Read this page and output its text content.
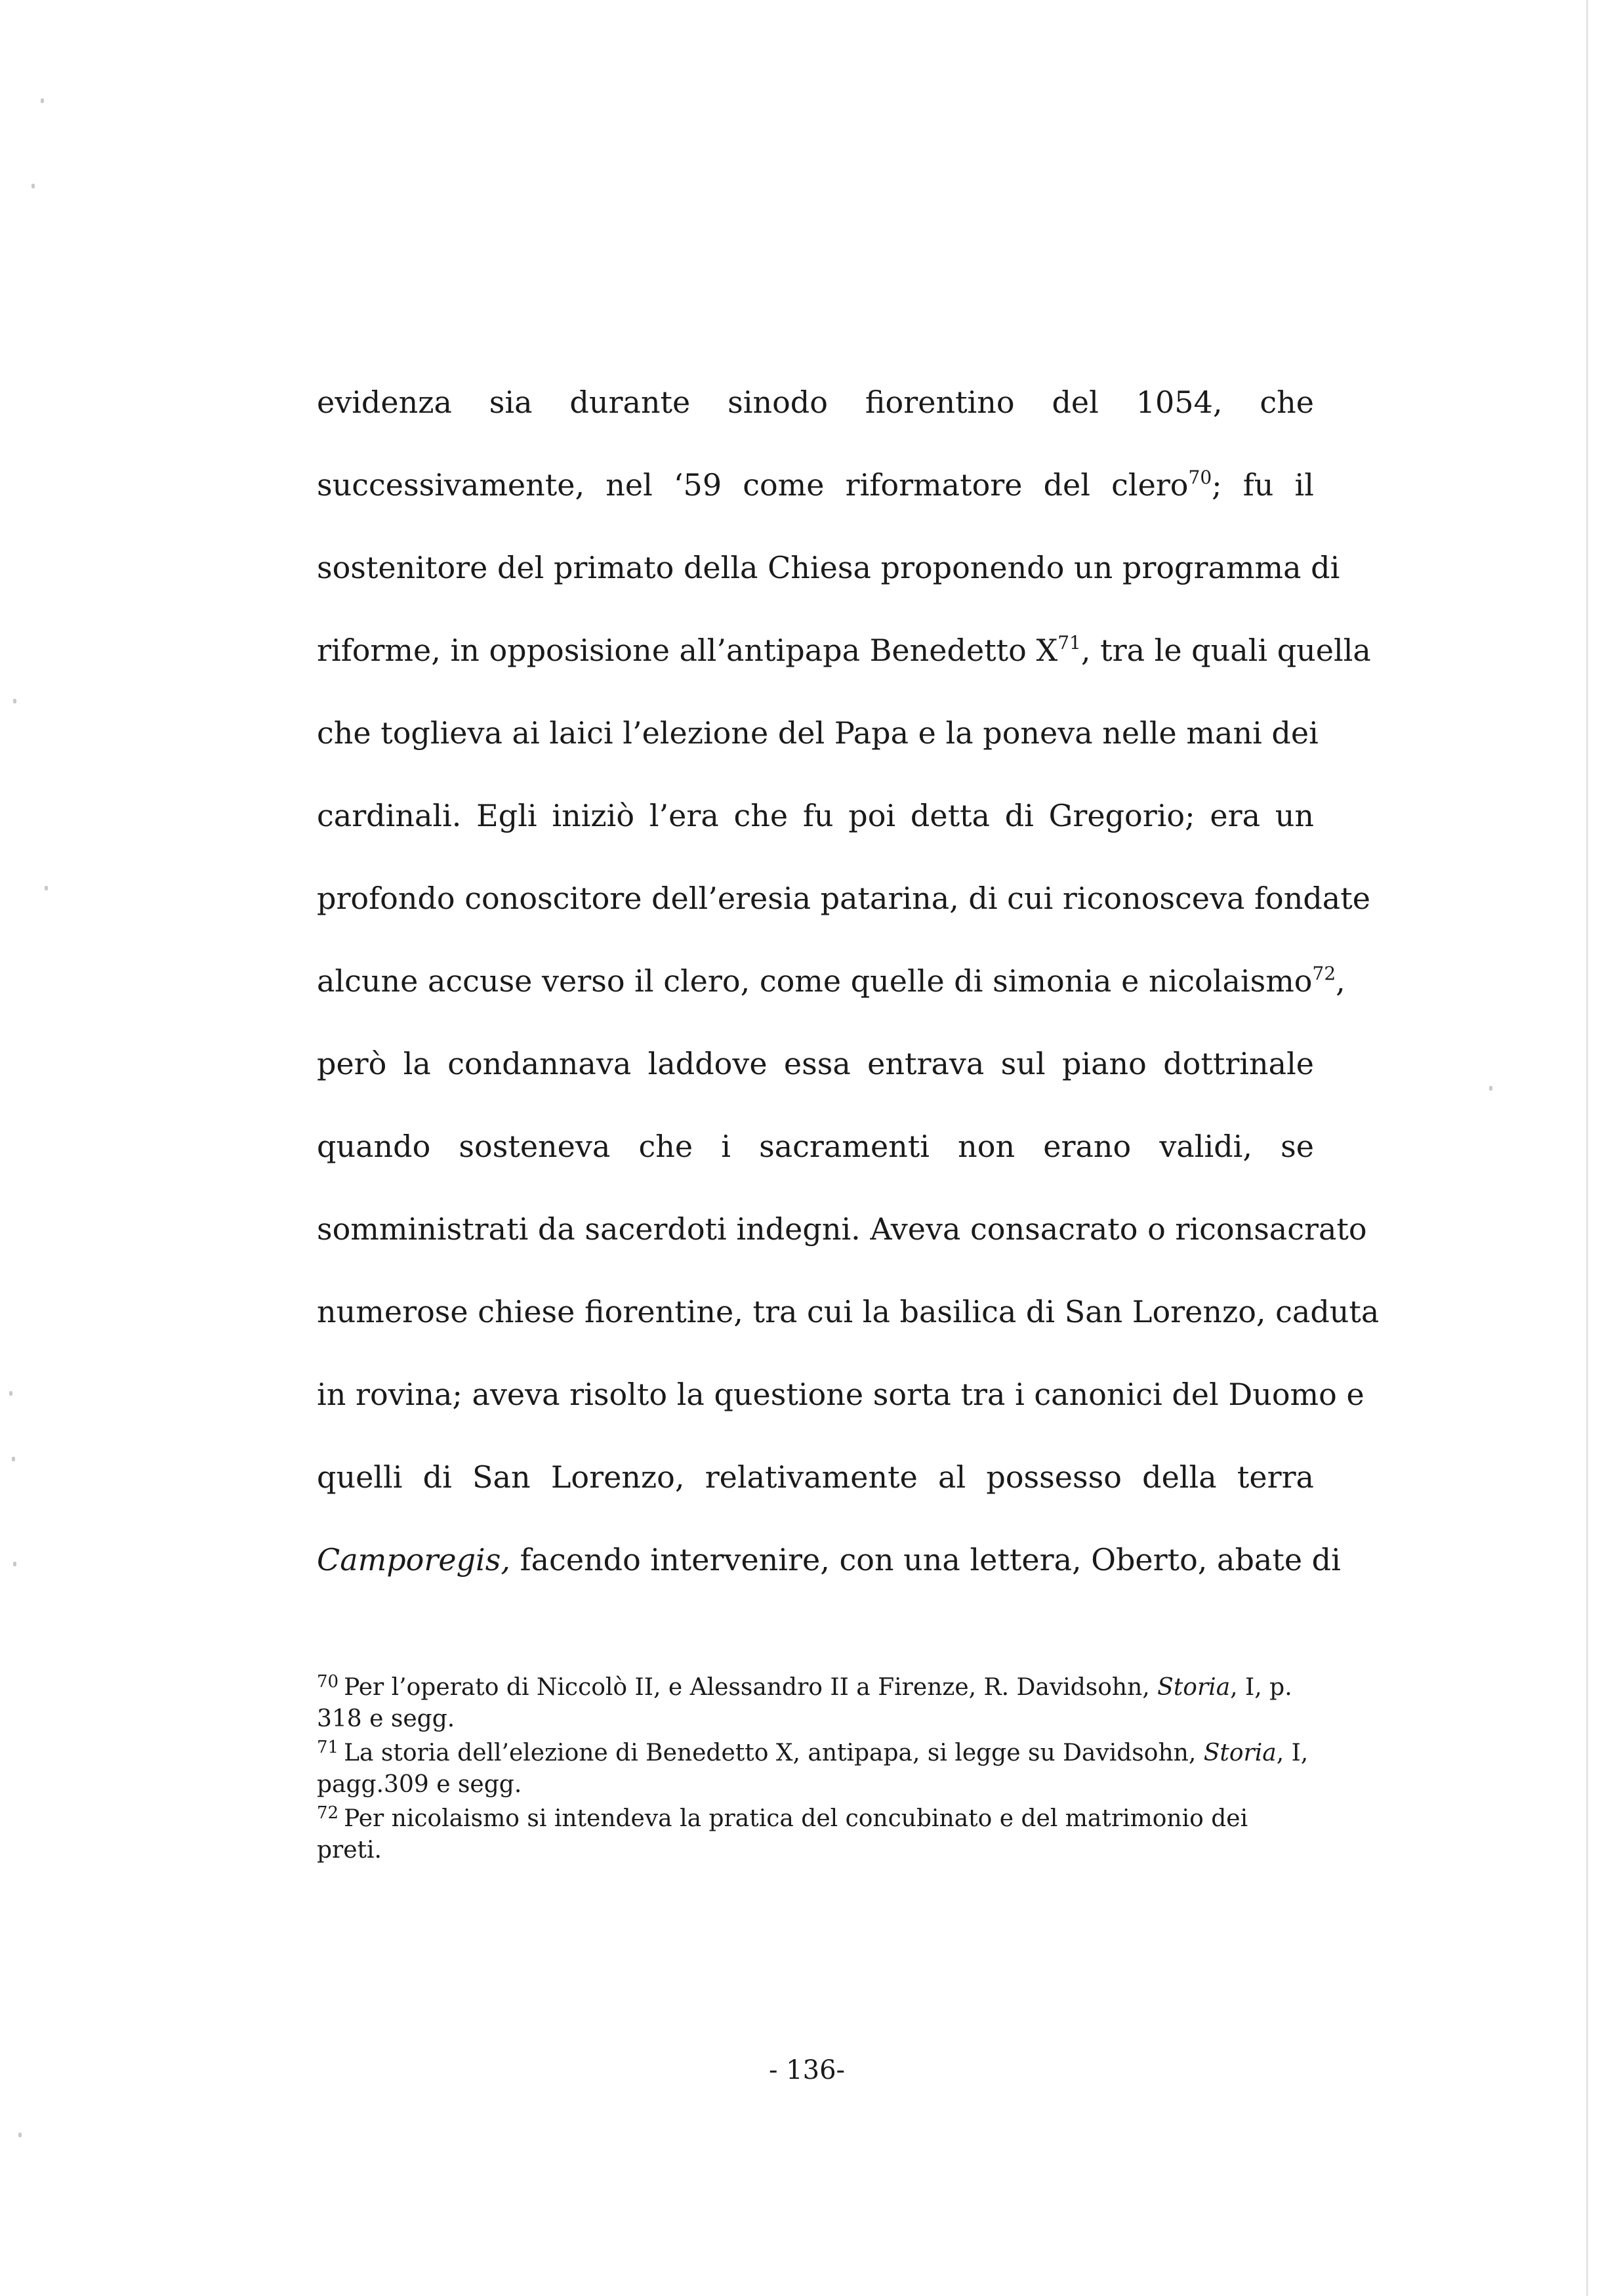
evidenza sia durante sinodo fiorentino del 1054, che
successivamente, nel ‘59 come riformatore del clero$^{70}$; fu il
sostenitore del primato della Chiesa proponendo un programma di
riforme, in opposisione all’antipapa Benedetto $X^{71}$, tra le quali quella
che toglieva ai laici l’elezione del Papa e la poneva nelle mani dei
cardinali. Egli iniziò l’era che fu poi detta di Gregorio; era un
profondo conoscitore dell’eresia patarina, di cui riconosceva fondate
alcune accuse verso il clero, come quelle di simonia e nicolaismo$^{72}$,
però la condannava laddove essa entrava sul piano dottrinale
quando sosteneva che i sacramenti non erano validi, se
somministrati da sacerdoti indegni. Aveva consacrato o riconsacrato
numerose chiese fiorentine, tra cui la basilica di San Lorenzo, caduta
in rovina; aveva risolto la questione sorta tra i canonici del Duomo e
quelli di San Lorenzo, relativamente al possesso della terra
Camporegis, facendo intervenire, con una lettera, Oberto, abate di
$^{70}$ Per l’operato di Niccolò II, e Alessandro II a Firenze, R. Davidsohn, Storia, I, p. 318 e segg.
$^{71}$ La storia dell’elezione di Benedetto X, antipapa, si legge su Davidsohn, Storia, I, pagg.309 e segg.
$^{72}$ Per nicolaismo si intendeva la pratica del concubinato e del matrimonio dei preti.
- 136-
